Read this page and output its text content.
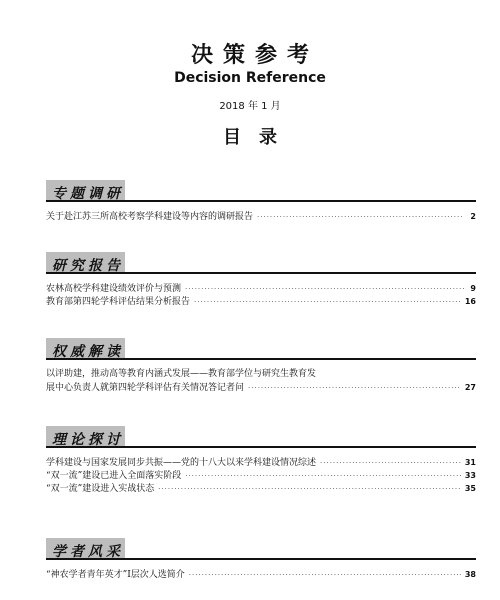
决策参考
Decision Reference
2018 年 1 月
目录
专题调研
关于赴江苏三所高校考察学科建设等内容的调研报告 ·····	2
研究报告
农林高校学科建设绩效评价与预测 ·····	9
教育部第四轮学科评估结果分析报告 ·····	16
权威解读
以评助建，推动高等教育内涵式发展——教育部学位与研究生教育发
展中心负责人就第四轮学科评估有关情况答记者问 ·····	27
理论探讨
学科建设与国家发展同步共振——党的十八大以来学科建设情况综述 ·····	31
“双一流”建设已进入全面落实阶段 ·····	33
“双一流”建设进入实战状态 ·····	35
学者风采
“神农学者青年英才”Ⅰ层次人选简介 ·····	38
